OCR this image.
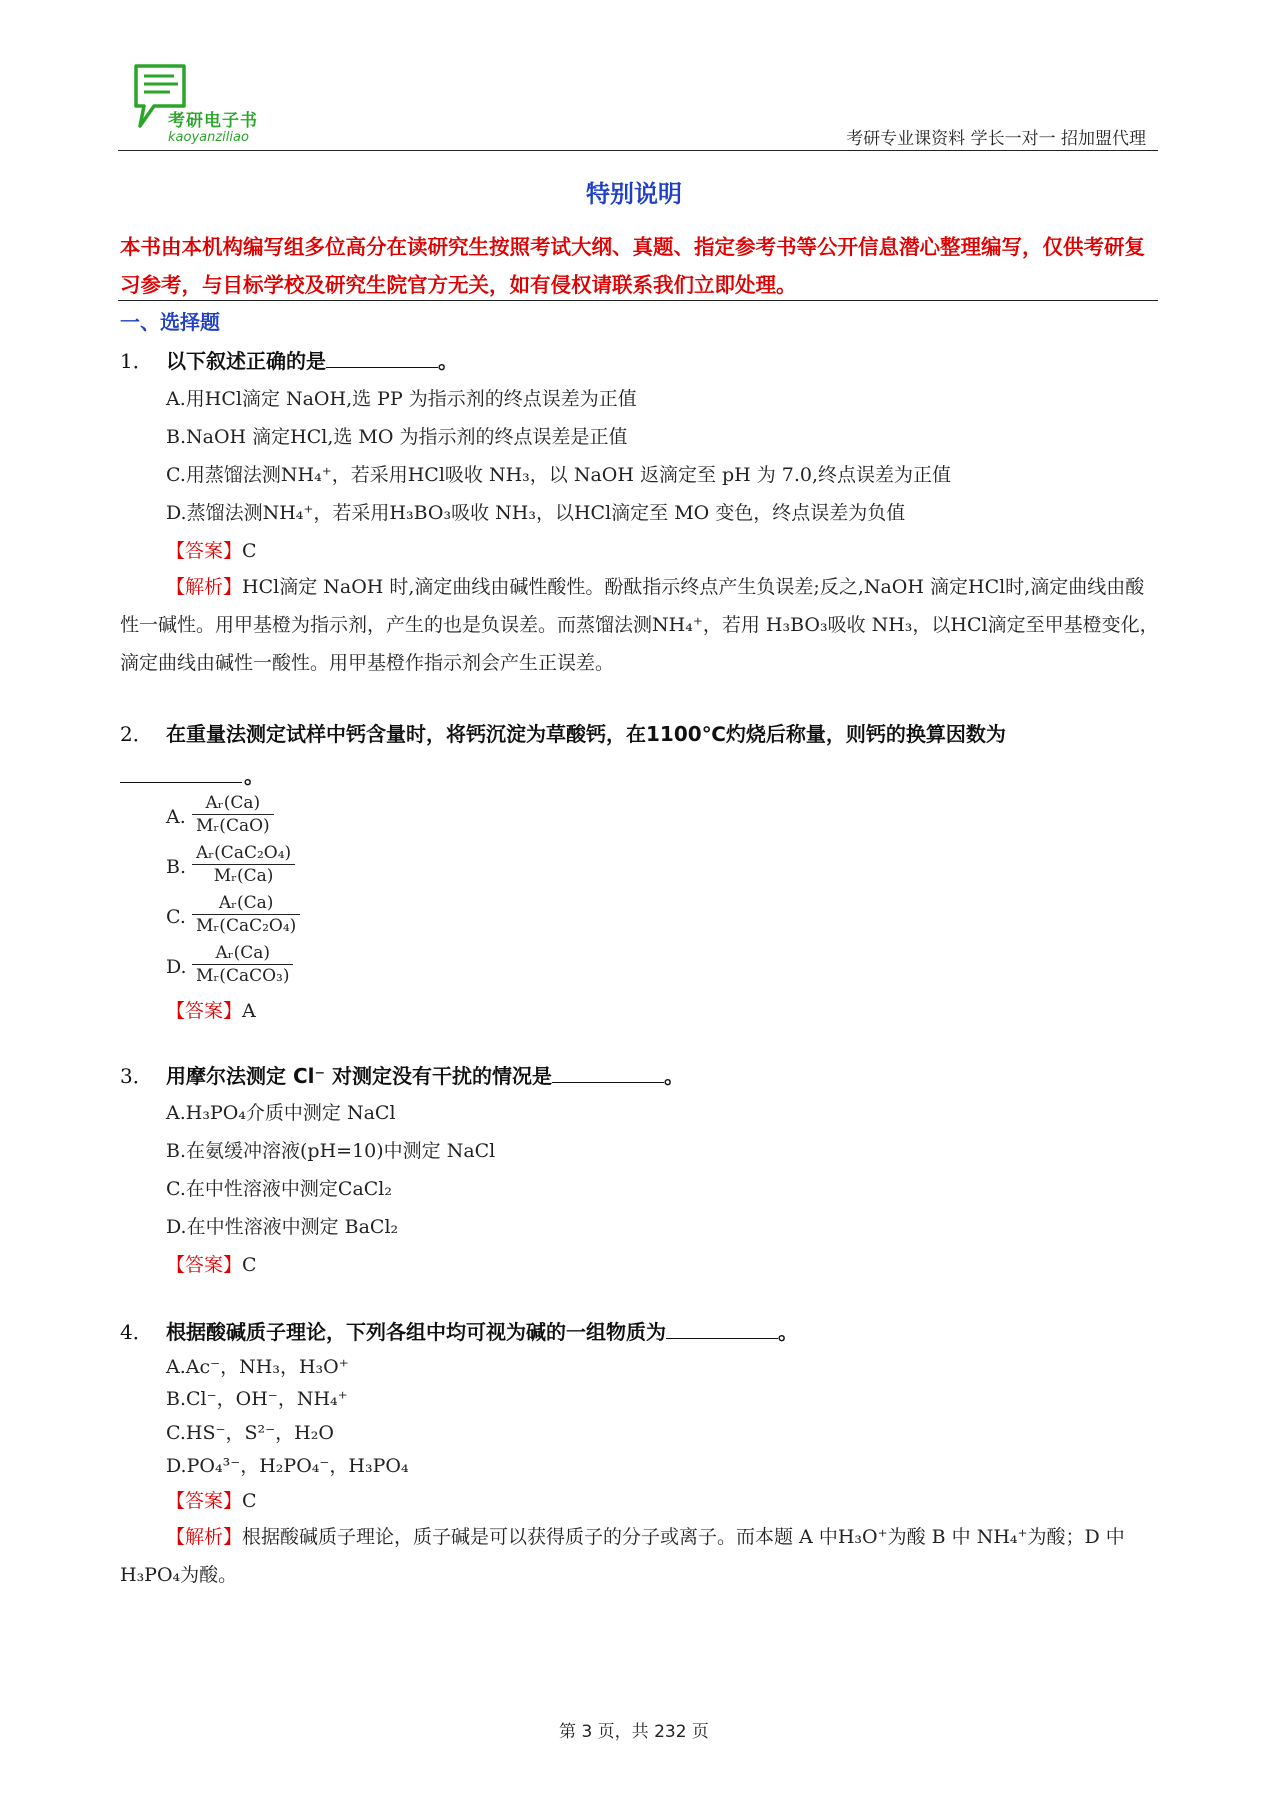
考研电子书
kaoyanziliao	考研专业课资料 学长一对一 招加盟代理
特别说明
本书由本机构编写组多位高分在读研究生按照考试大纲、真题、指定参考书等公开信息潜心整理编写，仅供考研复习参考，与目标学校及研究生院官方无关，如有侵权请联系我们立即处理。
一、选择题
1． 以下叙述正确的是	。
A.用HCl滴定 NaOH,选 PP 为指示剂的终点误差为正值
B.NaOH 滴定HCl,选 MO 为指示剂的终点误差是正值
C.用蒸馏法测NH₄⁺，若采用HCl吸收 NH₃，以 NaOH 返滴定至 pH 为 7.0,终点误差为正值
D.蒸馏法测NH₄⁺，若采用H₃BO₃吸收 NH₃，以HCl滴定至 MO 变色，终点误差为负值
【答案】C
【解析】HCl滴定 NaOH 时,滴定曲线由碱性酸性。酚酞指示终点产生负误差;反之,NaOH 滴定HCl时,滴定曲线由酸性一碱性。用甲基橙为指示剂，产生的也是负误差。而蒸馏法测NH₄⁺，若用 H₃BO₃吸收 NH₃，以HCl滴定至甲基橙变化，滴定曲线由碱性一酸性。用甲基橙作指示剂会产生正误差。
2． 在重量法测定试样中钙含量时，将钙沉淀为草酸钙，在1100℃灼烧后称量，则钙的换算因数为
。
A.
Aᵣ(Ca)
Mᵣ(CaO)
B.
Aᵣ(CaC₂O₄)
Mᵣ(Ca)
C.
Aᵣ(Ca)
Mᵣ(CaC₂O₄)
D.
Aᵣ(Ca)
Mᵣ(CaCO₃)
【答案】A
3． 用摩尔法测定 Cl⁻ 对测定没有干扰的情况是	。
A.H₃PO₄介质中测定 NaCl
B.在氨缓冲溶液(pH=10)中测定 NaCl
C.在中性溶液中测定CaCl₂
D.在中性溶液中测定 BaCl₂
【答案】C
4． 根据酸碱质子理论，下列各组中均可视为碱的一组物质为	。
A.Ac⁻，NH₃，H₃O⁺
B.Cl⁻，OH⁻，NH₄⁺
C.HS⁻，S²⁻，H₂O
D.PO₄³⁻，H₂PO₄⁻，H₃PO₄
【答案】C
【解析】根据酸碱质子理论，质子碱是可以获得质子的分子或离子。而本题 A 中H₃O⁺为酸 B 中 NH₄⁺为酸；D 中 H₃PO₄为酸。
第 3 页，共 232 页
